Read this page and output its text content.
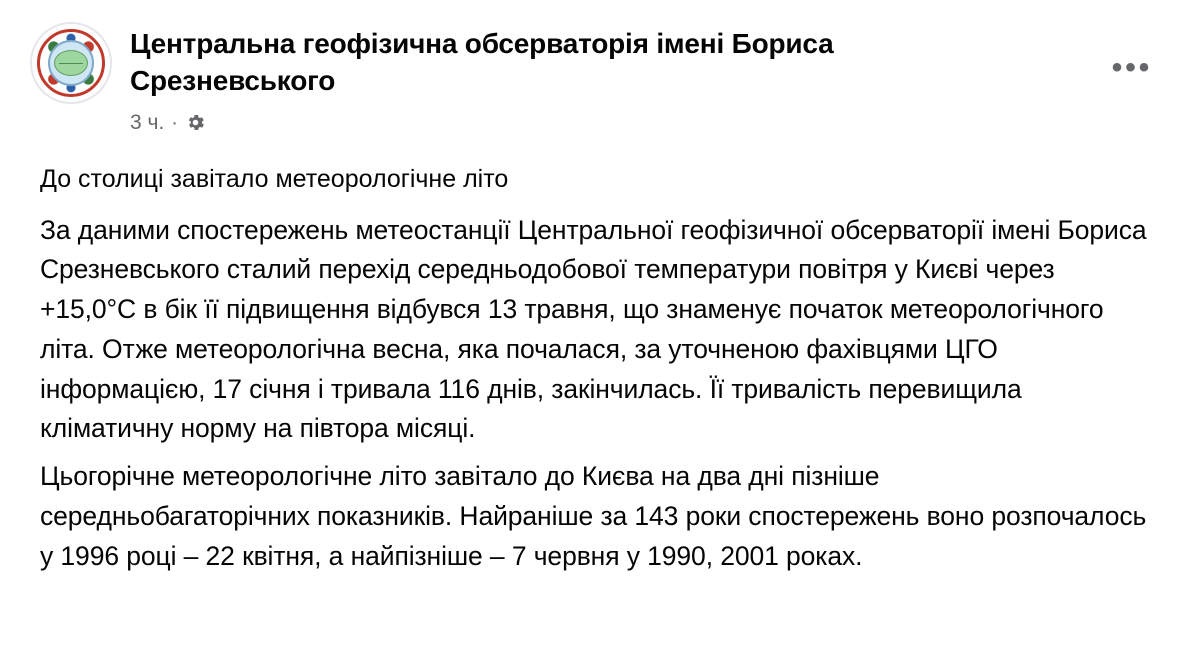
Центральна геофізична обсерваторія імені Бориса Срезневського
3 ч. ·
•••

До столиці завітало метеорологічне літо

За даними спостережень метеостанції Центральної геофізичної обсерваторії імені Бориса Срезневського сталий перехід середньодобової температури повітря у Києві через +15,0°С в бік її підвищення відбувся 13 травня, що знаменує початок метеорологічного літа. Отже метеорологічна весна, яка почалася, за уточненою фахівцями ЦГО інформацією, 17 січня і тривала 116 днів, закінчилась. Її тривалість перевищила кліматичну норму на півтора місяці.

Цьогорічне метеорологічне літо завітало до Києва на два дні пізніше середньобагаторічних показників. Найраніше за 143 роки спостережень воно розпочалось у 1996 році – 22 квітня, а найпізніше – 7 червня у 1990, 2001 роках.
